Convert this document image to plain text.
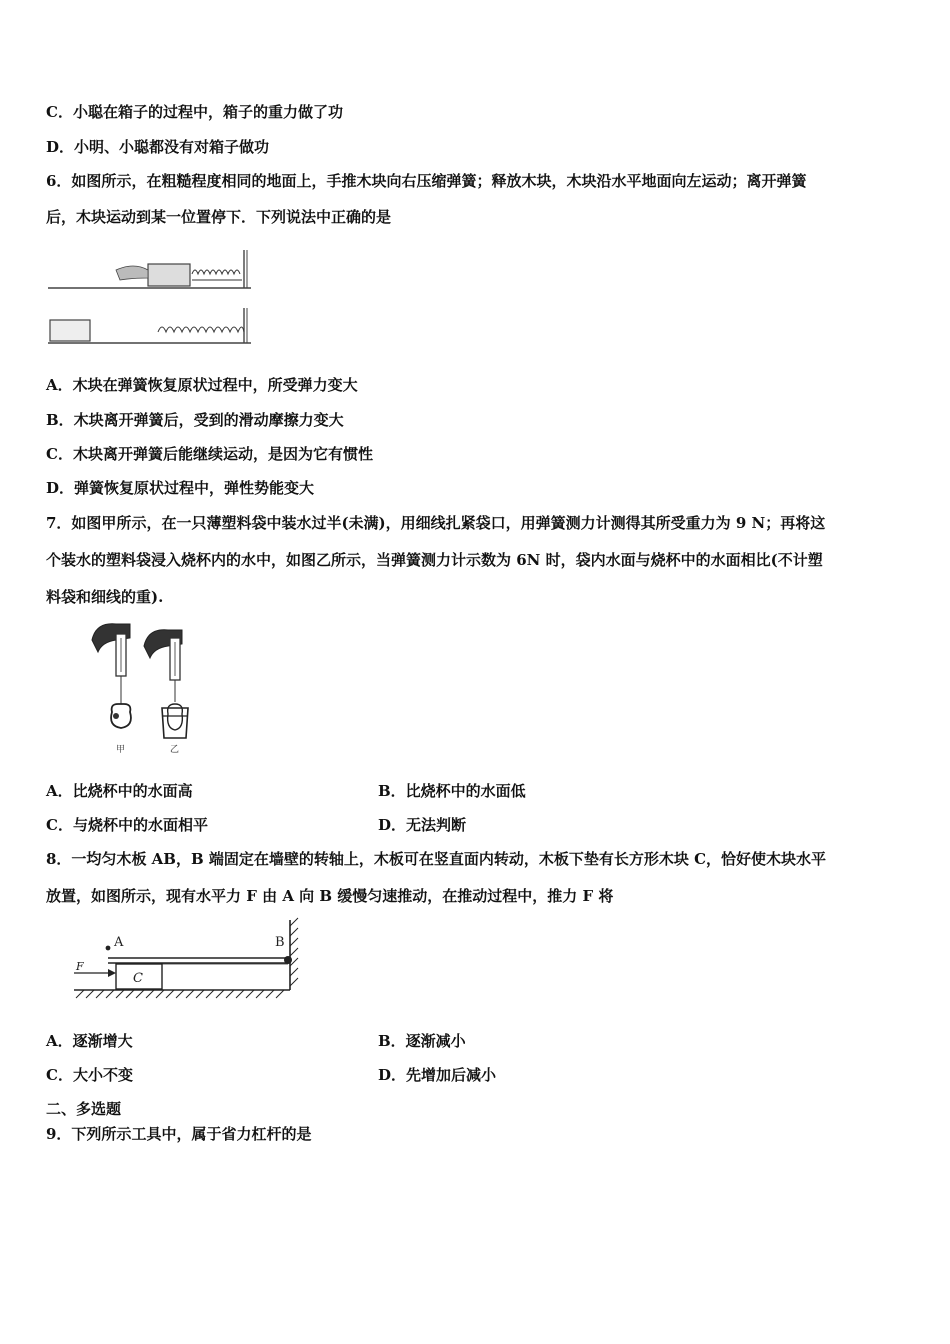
C．小聪在箱子的过程中，箱子的重力做了功
D．小明、小聪都没有对箱子做功
6．如图所示，在粗糙程度相同的地面上，手推木块向右压缩弹簧；释放木块，木块沿水平地面向左运动；离开弹簧
后，木块运动到某一位置停下．下列说法中正确的是
A．木块在弹簧恢复原状过程中，所受弹力变大
B．木块离开弹簧后，受到的滑动摩擦力变大
C．木块离开弹簧后能继续运动，是因为它有惯性
D．弹簧恢复原状过程中，弹性势能变大
7．如图甲所示，在一只薄塑料袋中装水过半(未满)，用细线扎紧袋口，用弹簧测力计测得其所受重力为 9 N；再将这
个装水的塑料袋浸入烧杯内的水中，如图乙所示，当弹簧测力计示数为 6N 时，袋内水面与烧杯中的水面相比(不计塑
料袋和细线的重).
甲	乙
A．比烧杯中的水面高	B．比烧杯中的水面低
C．与烧杯中的水面相平	D．无法判断
8．一均匀木板 AB，B 端固定在墙壁的转轴上，木板可在竖直面内转动，木板下垫有长方形木块 C，恰好使木块水平
放置，如图所示，现有水平力 F 由 A 向 B 缓慢匀速推动，在推动过程中，推力 F 将
A	B
C
F
A．逐渐增大	B．逐渐减小
C．大小不变	D．先增加后减小
二、多选题
9．下列所示工具中，属于省力杠杆的是
